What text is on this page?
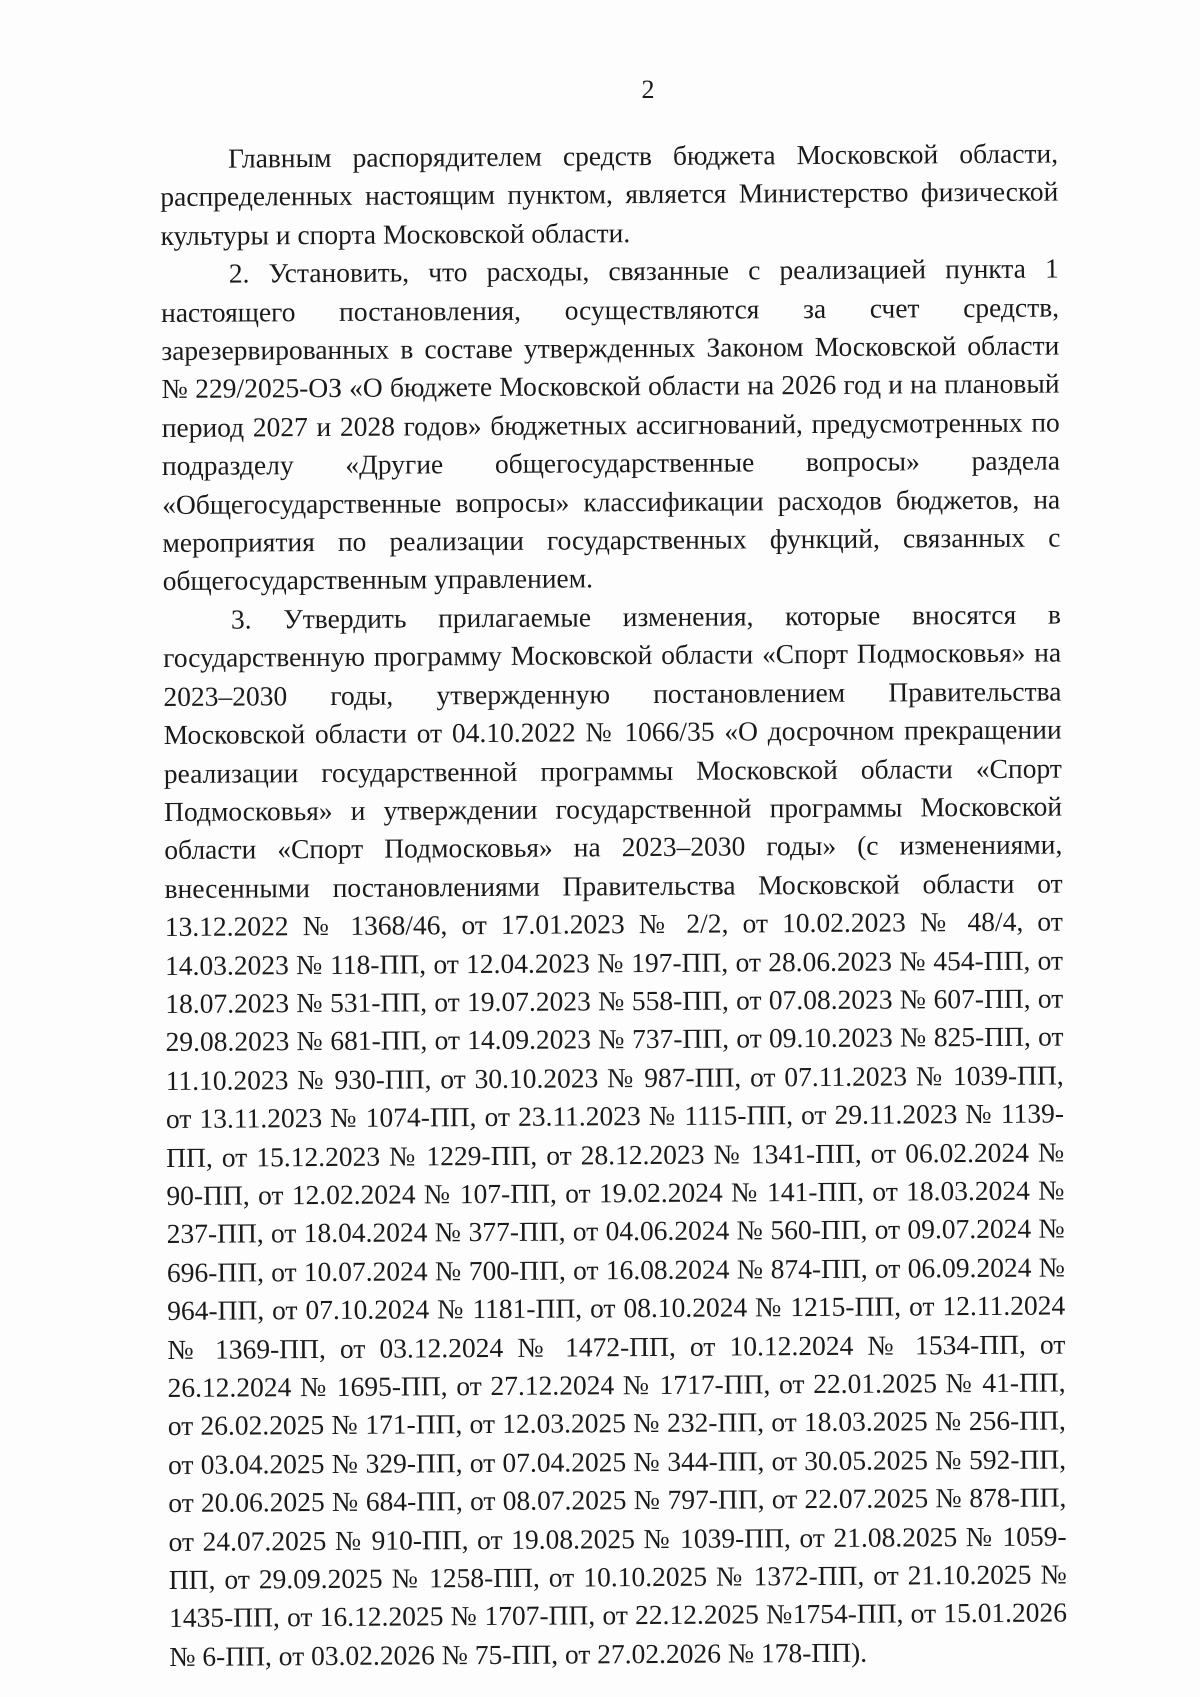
2

Главным распорядителем средств бюджета Московской области, распределенных настоящим пунктом, является Министерство физической культуры и спорта Московской области.

2. Установить, что расходы, связанные с реализацией пункта 1 настоящего постановления, осуществляются за счет средств, зарезервированных в составе утвержденных Законом Московской области № 229/2025-ОЗ «О бюджете Московской области на 2026 год и на плановый период 2027 и 2028 годов» бюджетных ассигнований, предусмотренных по подразделу «Другие общегосударственные вопросы» раздела «Общегосударственные вопросы» классификации расходов бюджетов, на мероприятия по реализации государственных функций, связанных с общегосударственным управлением.

3. Утвердить прилагаемые изменения, которые вносятся в государственную программу Московской области «Спорт Подмосковья» на 2023–2030 годы, утвержденную постановлением Правительства Московской области от 04.10.2022 № 1066/35 «О досрочном прекращении реализации государственной программы Московской области «Спорт Подмосковья» и утверждении государственной программы Московской области «Спорт Подмосковья» на 2023–2030 годы» (с изменениями, внесенными постановлениями Правительства Московской области от 13.12.2022 № 1368/46, от 17.01.2023 № 2/2, от 10.02.2023 № 48/4, от 14.03.2023 № 118-ПП, от 12.04.2023 № 197-ПП, от 28.06.2023 № 454-ПП, от 18.07.2023 № 531-ПП, от 19.07.2023 № 558-ПП, от 07.08.2023 № 607-ПП, от 29.08.2023 № 681-ПП, от 14.09.2023 № 737-ПП, от 09.10.2023 № 825-ПП, от 11.10.2023 № 930-ПП, от 30.10.2023 № 987-ПП, от 07.11.2023 № 1039-ПП, от 13.11.2023 № 1074-ПП, от 23.11.2023 № 1115-ПП, от 29.11.2023 № 1139-ПП, от 15.12.2023 № 1229-ПП, от 28.12.2023 № 1341-ПП, от 06.02.2024 № 90-ПП, от 12.02.2024 № 107-ПП, от 19.02.2024 № 141-ПП, от 18.03.2024 № 237-ПП, от 18.04.2024 № 377-ПП, от 04.06.2024 № 560-ПП, от 09.07.2024 № 696-ПП, от 10.07.2024 № 700-ПП, от 16.08.2024 № 874-ПП, от 06.09.2024 № 964-ПП, от 07.10.2024 № 1181-ПП, от 08.10.2024 № 1215-ПП, от 12.11.2024 № 1369-ПП, от 03.12.2024 № 1472-ПП, от 10.12.2024 № 1534-ПП, от 26.12.2024 № 1695-ПП, от 27.12.2024 № 1717-ПП, от 22.01.2025 № 41-ПП, от 26.02.2025 № 171-ПП, от 12.03.2025 № 232-ПП, от 18.03.2025 № 256-ПП, от 03.04.2025 № 329-ПП, от 07.04.2025 № 344-ПП, от 30.05.2025 № 592-ПП, от 20.06.2025 № 684-ПП, от 08.07.2025 № 797-ПП, от 22.07.2025 № 878-ПП, от 24.07.2025 № 910-ПП, от 19.08.2025 № 1039-ПП, от 21.08.2025 № 1059-ПП, от 29.09.2025 № 1258-ПП, от 10.10.2025 № 1372-ПП, от 21.10.2025 № 1435-ПП, от 16.12.2025 № 1707-ПП, от 22.12.2025 №1754-ПП, от 15.01.2026 № 6-ПП, от 03.02.2026 № 75-ПП, от 27.02.2026 № 178-ПП).
